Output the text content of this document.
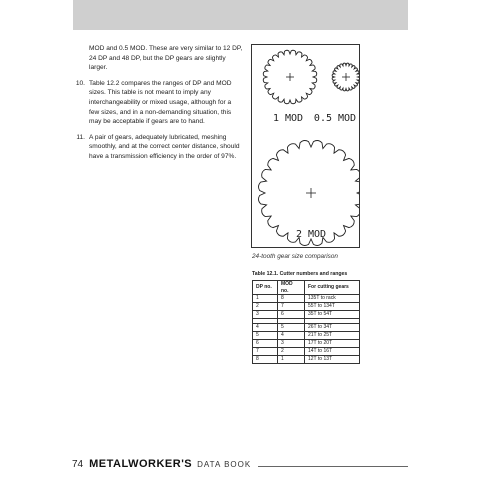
MOD and 0.5 MOD. These are very similar to 12 DP, 24 DP and 48 DP, but the DP gears are slightly larger.

10. Table 12.2 compares the ranges of DP and MOD sizes. This table is not meant to imply any interchangeability or mixed usage, although for a few sizes, and in a non-demanding situation, this may be acceptable if gears are to hand.
11. A pair of gears, adequately lubricated, meshing smoothly, and at the correct center distance, should have a transmission efficiency in the order of 97%.
1 MOD 0.5 MOD
2 MOD
24-tooth gear size comparison
Table 12.1. Cutter numbers and ranges
DP no.	MOD no.	For cutting gears
1	8	135T to rack
2	7	55T to 134T
3	6	35T to 54T

4	5	26T to 34T
5	4	21T to 25T
6	3	17T to 20T
7	2	14T to 16T
8	1	12T to 13T
74 METALWORKER'S DATA BOOK
